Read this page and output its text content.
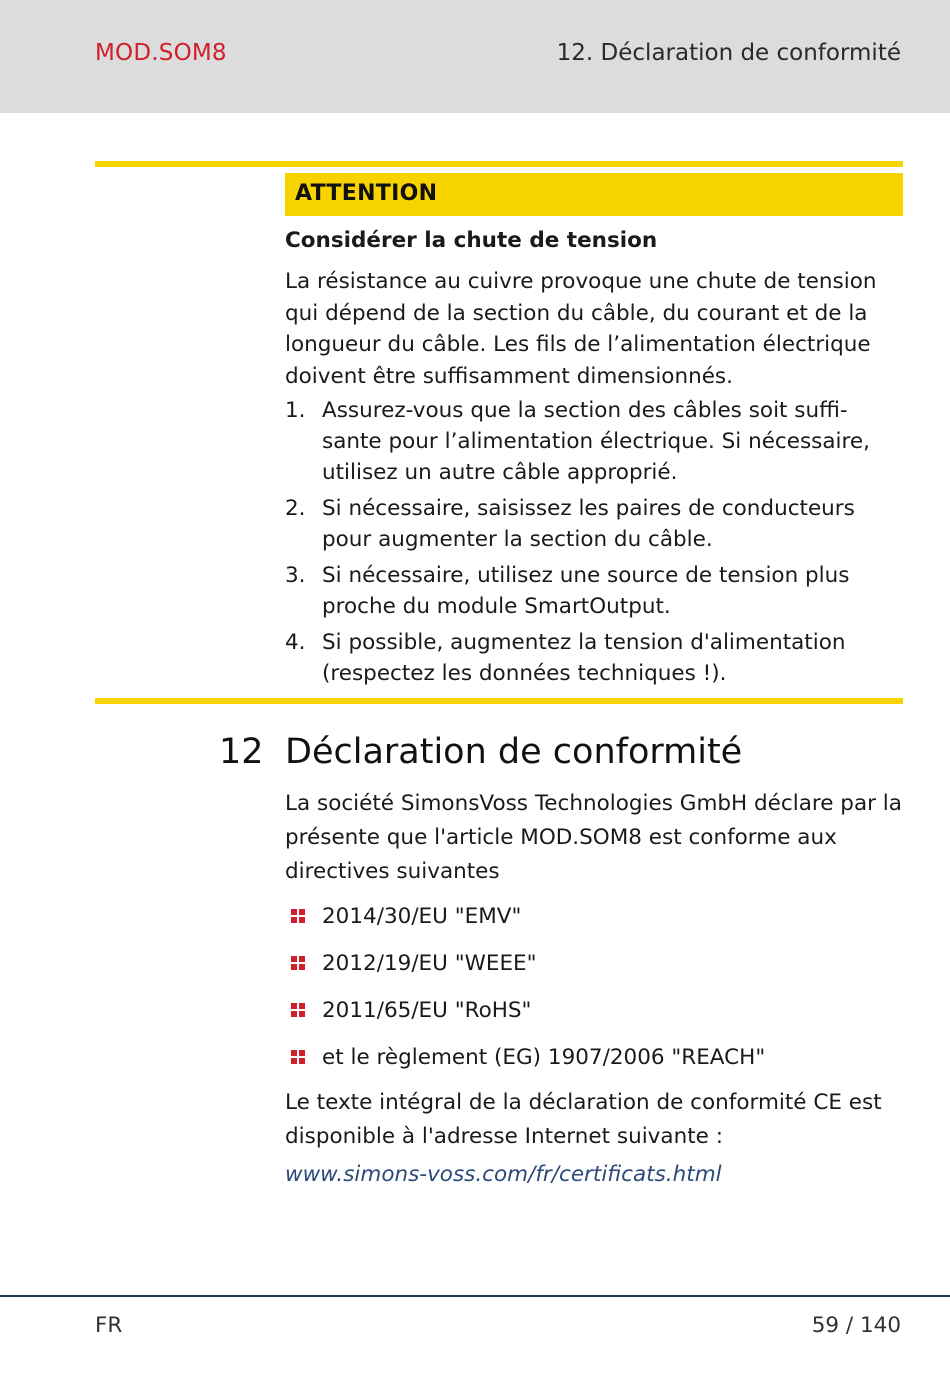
MOD.SOM8	12. Déclaration de conformité
ATTENTION
Considérer la chute de tension
La résistance au cuivre provoque une chute de tension qui dépend de la section du câble, du courant et de la longueur du câble. Les fils de l’alimentation électrique doivent être suffisamment dimensionnés.
1. Assurez-vous que la section des câbles soit suffi-sante pour l’alimentation électrique. Si nécessaire, utilisez un autre câble approprié.
2. Si nécessaire, saisissez les paires de conducteurs pour augmenter la section du câble.
3. Si nécessaire, utilisez une source de tension plus proche du module SmartOutput.
4. Si possible, augmentez la tension d'alimentation (respectez les données techniques !).
12 Déclaration de conformité
La société SimonsVoss Technologies GmbH déclare par la présente que l'article MOD.SOM8 est conforme aux directives suivantes
2014/30/EU "EMV"
2012/19/EU "WEEE"
2011/65/EU "RoHS"
et le règlement (EG) 1907/2006 "REACH"
Le texte intégral de la déclaration de conformité CE est disponible à l'adresse Internet suivante :
www.simons-voss.com/fr/certificats.html
FR	59 / 140
